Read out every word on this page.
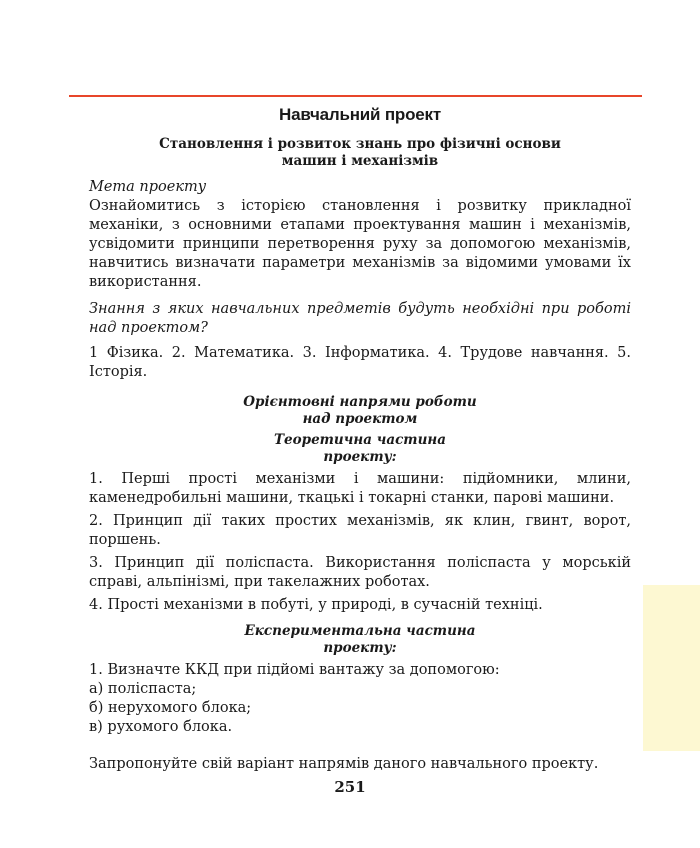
Навчальний проект
Становлення і розвиток знань про фізичні основи
машин і механізмів

Мета проекту

Ознайомитись з історією становлення і розвитку прикладної механіки, з основними етапами проектування машин і механізмів, усвідомити принципи перетворення руху за допомогою механізмів, навчитись визначати параметри механізмів за відомими умовами їх використання.

Знання з яких навчальних предметів будуть необхідні при роботі над проектом?

1 Фізика. 2. Математика. 3. Інформатика. 4. Трудове навчання. 5. Історія.

Орієнтовні напрями роботи
над проектом
Теоретична частина
проекту:

1. Перші прості механізми і машини: підйомники, млини, каменедробильні машини, ткацькі і токарні станки, парові машини.

2. Принцип дії таких простих механізмів, як клин, гвинт, ворот, поршень.

3. Принцип дії поліспаста. Використання поліспаста у морській справі, альпінізмі, при такелажних роботах.

4. Прості механізми в побуті, у природі, в сучасній техніці.

Експериментальна частина
проекту:

1. Визначте ККД при підйомі вантажу за допомогою:

а) поліспаста;

б) нерухомого блока;

в) рухомого блока.

Запропонуйте свій варіант напрямів даного навчального проекту.

251
